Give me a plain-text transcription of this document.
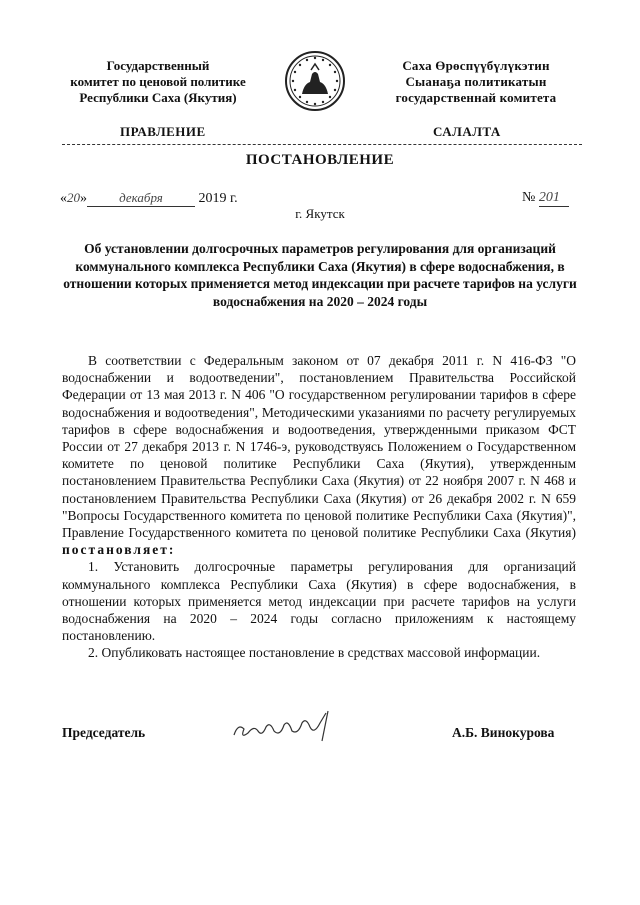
Государственный
комитет по ценовой политике
Республики Саха (Якутия)
Саха Өрөспүүбүлүкэтин
Сыанаҕа политикатын
государственнай комитета
ПРАВЛЕНИЕ	САЛАЛТА
ПОСТАНОВЛЕНИЕ
«20» декабря	2019 г.	№ 201
г. Якутск
Об установлении долгосрочных параметров регулирования для организаций коммунального комплекса Республики Саха (Якутия) в сфере водоснабжения, в отношении которых применяется метод индексации при расчете тарифов на услуги водоснабжения на 2020 – 2024 годы

В соответствии с Федеральным законом от 07 декабря 2011 г. N 416-ФЗ "О водоснабжении и водоотведении", постановлением Правительства Российской Федерации от 13 мая 2013 г. N 406 "О государственном регулировании тарифов в сфере водоснабжения и водоотведения", Методическими указаниями по расчету регулируемых тарифов в сфере водоснабжения и водоотведения, утвержденными приказом ФСТ России от 27 декабря 2013 г. N 1746-э, руководствуясь Положением о Государственном комитете по ценовой политике Республики Саха (Якутия), утвержденным постановлением Правительства Республики Саха (Якутия) от 22 ноября 2007 г. N 468 и постановлением Правительства Республики Саха (Якутия) от 26 декабря 2002 г. N 659 "Вопросы Государственного комитета по ценовой политике Республики Саха (Якутия)", Правление Государственного комитета по ценовой политике Республики Саха (Якутия) постановляет:

1. Установить долгосрочные параметры регулирования для организаций коммунального комплекса Республики Саха (Якутия) в сфере водоснабжения, в отношении которых применяется метод индексации при расчете тарифов на услуги водоснабжения на 2020 – 2024 годы согласно приложениям к настоящему постановлению.

2. Опубликовать настоящее постановление в средствах массовой информации.

Председатель	А.Б. Винокурова
